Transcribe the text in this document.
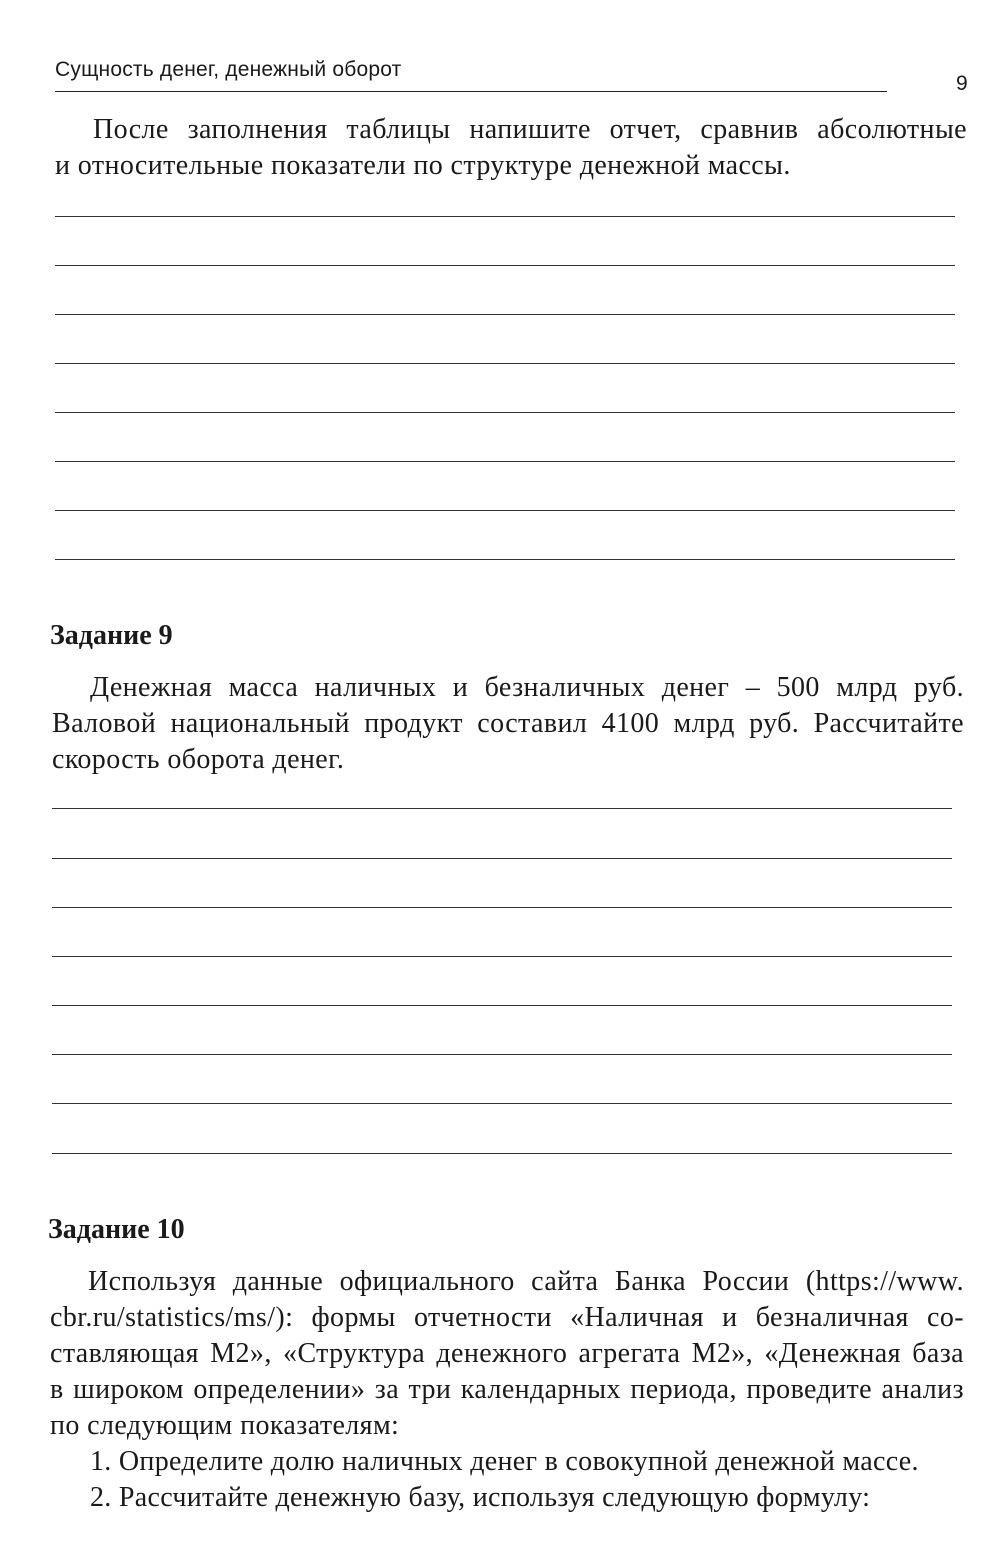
Сущность денег, денежный оборот
9

После заполнения таблицы напишите отчет, сравнив абсолютные
и относительные показатели по структуре денежной массы.

Задание 9

Денежная масса наличных и безналичных денег – 500 млрд руб.
Валовой национальный продукт составил 4100 млрд руб. Рассчитайте
скорость оборота денег.

Задание 10

Используя данные официального сайта Банка России (https://www.
cbr.ru/statistics/ms/): формы отчетности «Наличная и безналичная со-
ставляющая М2», «Структура денежного агрегата М2», «Денежная база
в широком определении» за три календарных периода, проведите анализ
по следующим показателям:

1. Определите долю наличных денег в совокупной денежной массе.

2. Рассчитайте денежную базу, используя следующую формулу:
